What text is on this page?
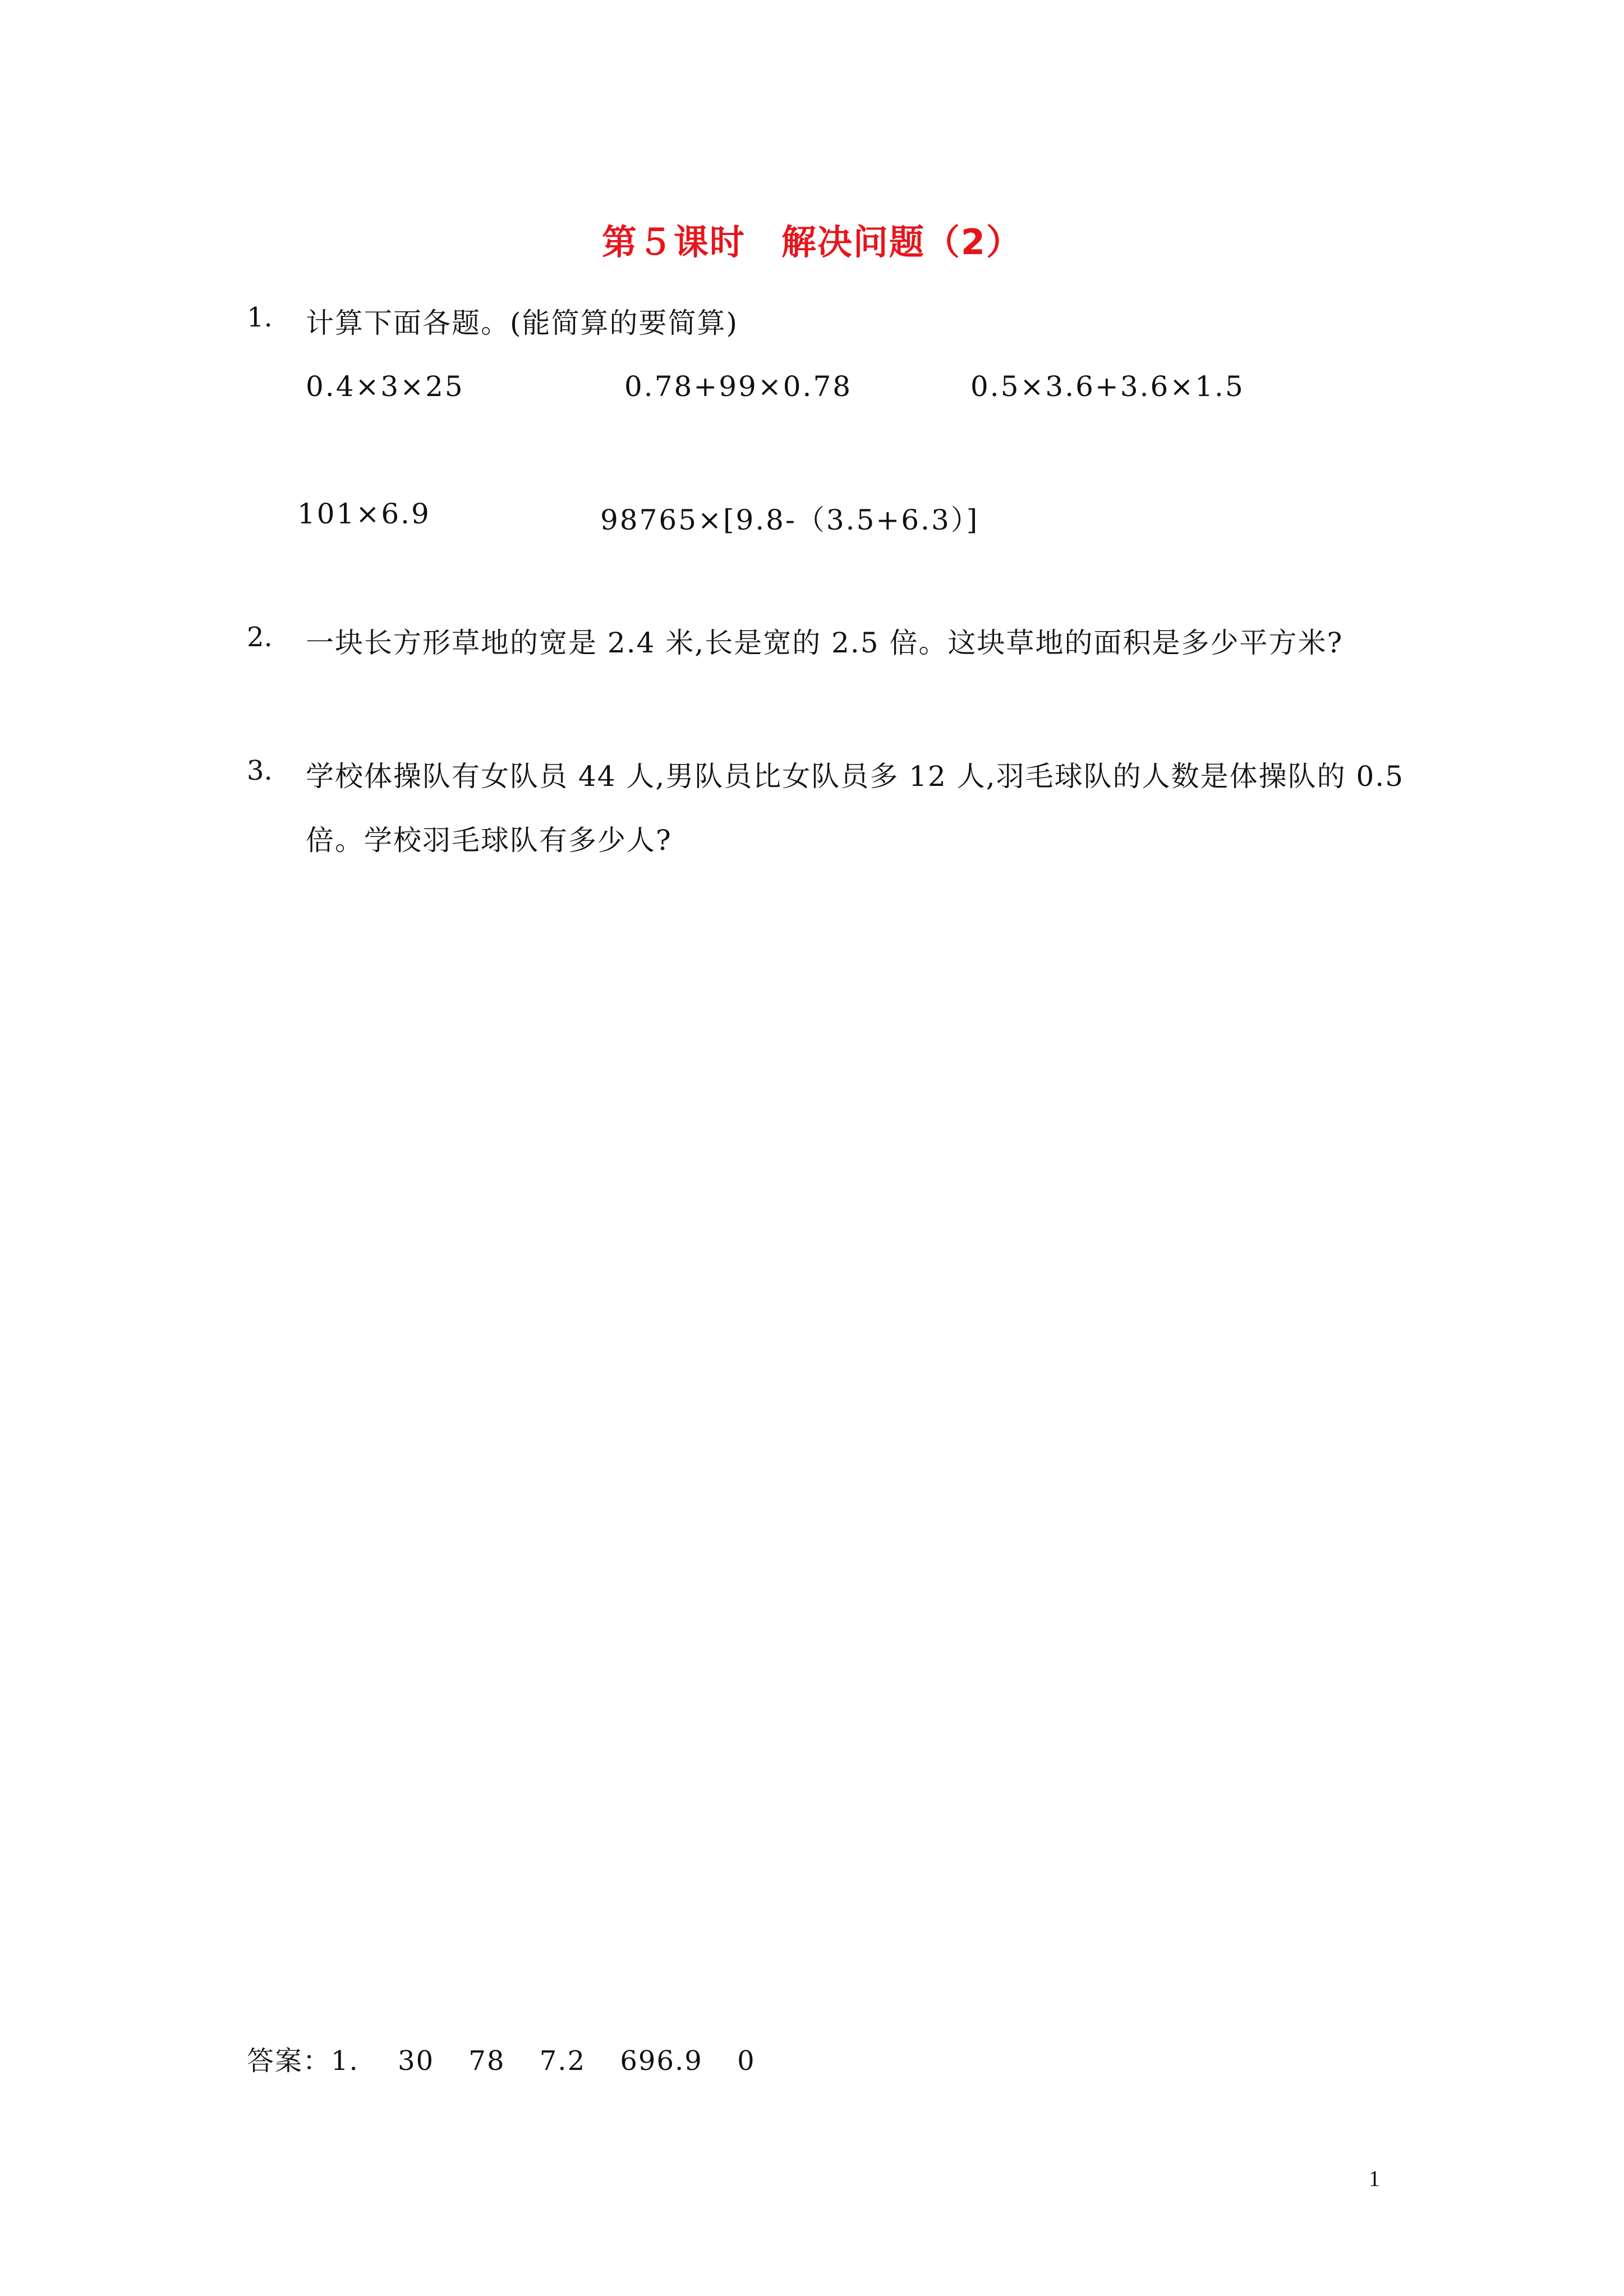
第５课时　解决问题（2）
1. 计算下面各题。(能简算的要简算)
0.4×3×25	0.78+99×0.78	0.5×3.6+3.6×1.5
101×6.9	98765×[9.8-（3.5+6.3）]
2. 一块长方形草地的宽是 2.4 米,长是宽的 2.5 倍。这块草地的面积是多少平方米?
3. 学校体操队有女队员 44 人,男队员比女队员多 12 人,羽毛球队的人数是体操队的 0.5
倍。学校羽毛球队有多少人?
答案：1. 30 78 7.2 696.9 0
1
